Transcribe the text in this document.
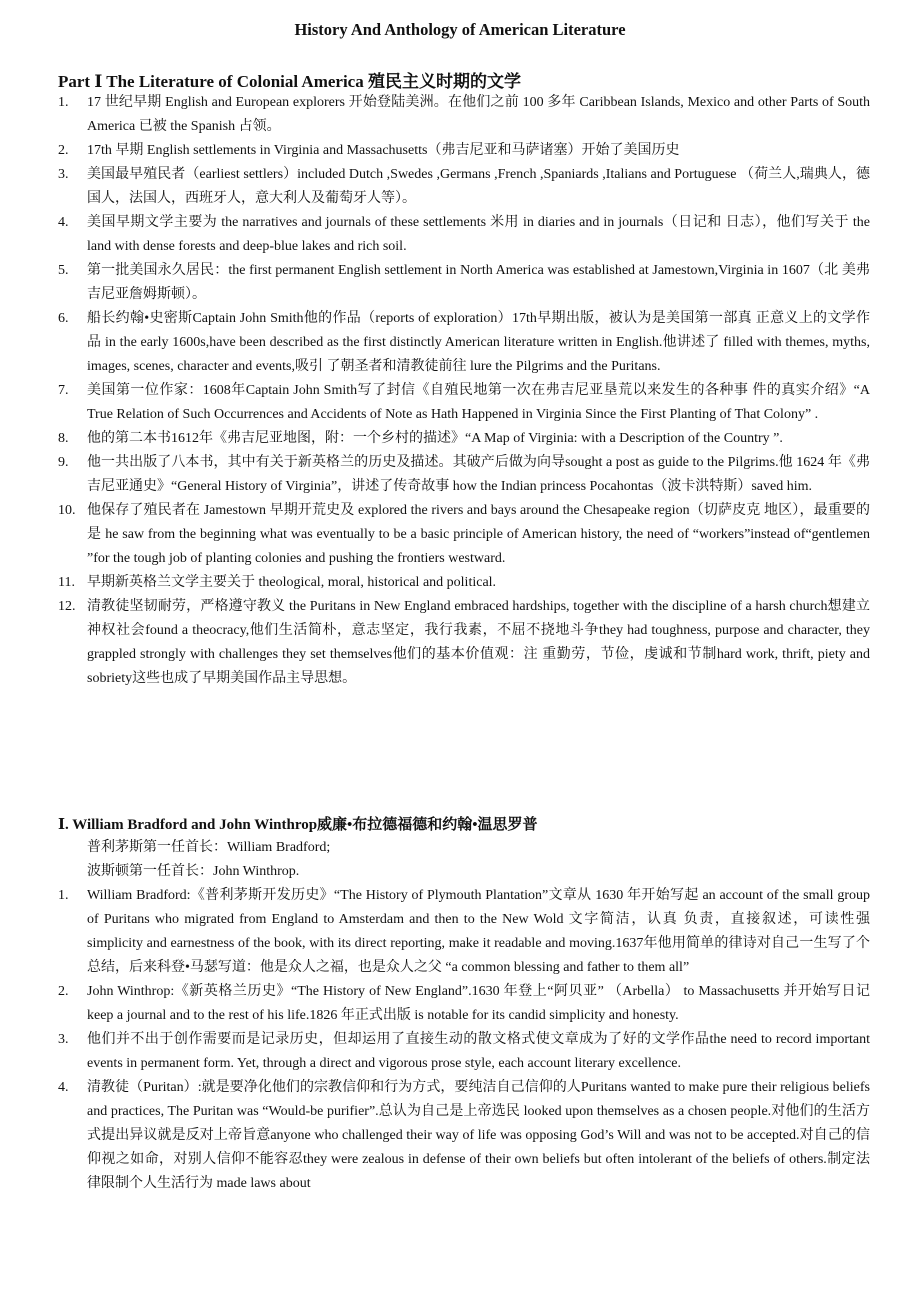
History And Anthology of American Literature
Part Ⅰ The Literature of Colonial America 殖民主义时期的文学
1. 17 世纪早期 English and European explorers 开始登陆美洲。在他们之前 100 多年 Caribbean Islands, Mexico and other Parts of South America 已被 the Spanish 占领。
2. 17th 早期 English settlements in Virginia and Massachusetts（弗吉尼亚和马萨诸塞）开始了美国历史
3. 美国最早殖民者（earliest settlers）included Dutch ,Swedes ,Germans ,French ,Spaniards ,Italians and Portuguese （荷兰人,瑞典人，德国人，法国人，西班牙人，意大利人及葡萄牙人等）。
4. 美国早期文学主要为 the narratives and journals of these settlements 米用 in diaries and in journals（日记和 日志），他们写关于 the land with dense forests and deep-blue lakes and rich soil.
5. 第一批美国永久居民：the first permanent English settlement in North America was established at Jamestown,Virginia in 1607（北 美弗吉尼亚詹姆斯顿）。
6. 船长约翰•史密斯Captain John Smith他的作品（reports of exploration）17th早期出版，被认为是美国第一部真 正意义上的文学作品 in the early 1600s,have been described as the first distinctly American literature written in English.他讲述了 filled with themes, myths, images, scenes, character and events,吸引 了朝圣者和清教徒前往 lure the Pilgrims and the Puritans.
7. 美国第一位作家：1608年Captain John Smith写了封信《自殖民地第一次在弗吉尼亚垦荒以来发生的各种事 件的真实介绍》“A True Relation of Such Occurrences and Accidents of Note as Hath Happened in Virginia Since the First Planting of That Colony” .
8. 他的第二本书1612年《弗吉尼亚地图，附：一个乡村的描述》“A Map of Virginia: with a Description of the Country ”.
9. 他一共出版了八本书，其中有关于新英格兰的历史及描述。其破产后做为向导sought a post as guide to the Pilgrims.他 1624 年《弗吉尼亚通史》“General History of Virginia”，讲述了传奇故事 how the Indian princess Pocahontas（波卡洪特斯）saved him.
10. 他保存了殖民者在 Jamestown 早期开荒史及 explored the rivers and bays around the Chesapeake region（切萨皮克 地区），最重要的是 he saw from the beginning what was eventually to be a basic principle of American history, the need of “workers”instead of“gentlemen ”for the tough job of planting colonies and pushing the frontiers westward.
11. 早期新英格兰文学主要关于 theological, moral, historical and political.
12. 清教徒坚韧耐劳，严格遵守教义 the Puritans in New England embraced hardships, together with the discipline of a harsh church想建立神权社会found a theocracy,他们生活简朴，意志坚定，我行我素，不屈不挠地斗争they had toughness, purpose and character, they grappled strongly with challenges they set themselves他们的基本价值观：注 重勤劳，节俭，虔诚和节制hard work, thrift, piety and sobriety这些也成了早期美国作品主导思想。
Ⅰ. William Bradford and John Winthrop威廉•布拉德福德和约翰•温思罗普
普利茅斯第一任首长：William Bradford;
波斯顿第一任首长：John Winthrop.
1. William Bradford:《普利茅斯开发历史》“The History of Plymouth Plantation”文章从 1630 年开始写起 an account of the small group of Puritans who migrated from England to Amsterdam and then to the New Wold 文字简洁，认真 负责，直接叙述，可读性强 simplicity and earnestness of the book, with its direct reporting, make it readable and moving.1637年他用简单的律诗对自己一生写了个总结，后来科登•马瑟写道：他是众人之福，也是众人之父 “a common blessing and father to them all”
2. John Winthrop:《新英格兰历史》“The History of New England”.1630 年登上“阿贝亚” （Arbella） to Massachusetts 并开始写日记 keep a journal and to the rest of his life.1826 年正式出版 is notable for its candid simplicity and honesty.
3. 他们并不出于创作需要而是记录历史，但却运用了直接生动的散文格式使文章成为了好的文学作品the need to record important events in permanent form. Yet, through a direct and vigorous prose style, each account literary excellence.
4. 清教徒（Puritan）:就是要净化他们的宗教信仰和行为方式，要纯洁自己信仰的人Puritans wanted to make pure their religious beliefs and practices, The Puritan was “Would-be purifier”.总认为自己是上帝选民 looked upon themselves as a chosen people.对他们的生活方式提出异议就是反对上帝旨意anyone who challenged their way of life was opposing God’s Will and was not to be accepted.对自己的信仰视之如命，对别人信仰不能容忍they were zealous in defense of their own beliefs but often intolerant of the beliefs of others.制定法律限制个人生活行为 made laws about
